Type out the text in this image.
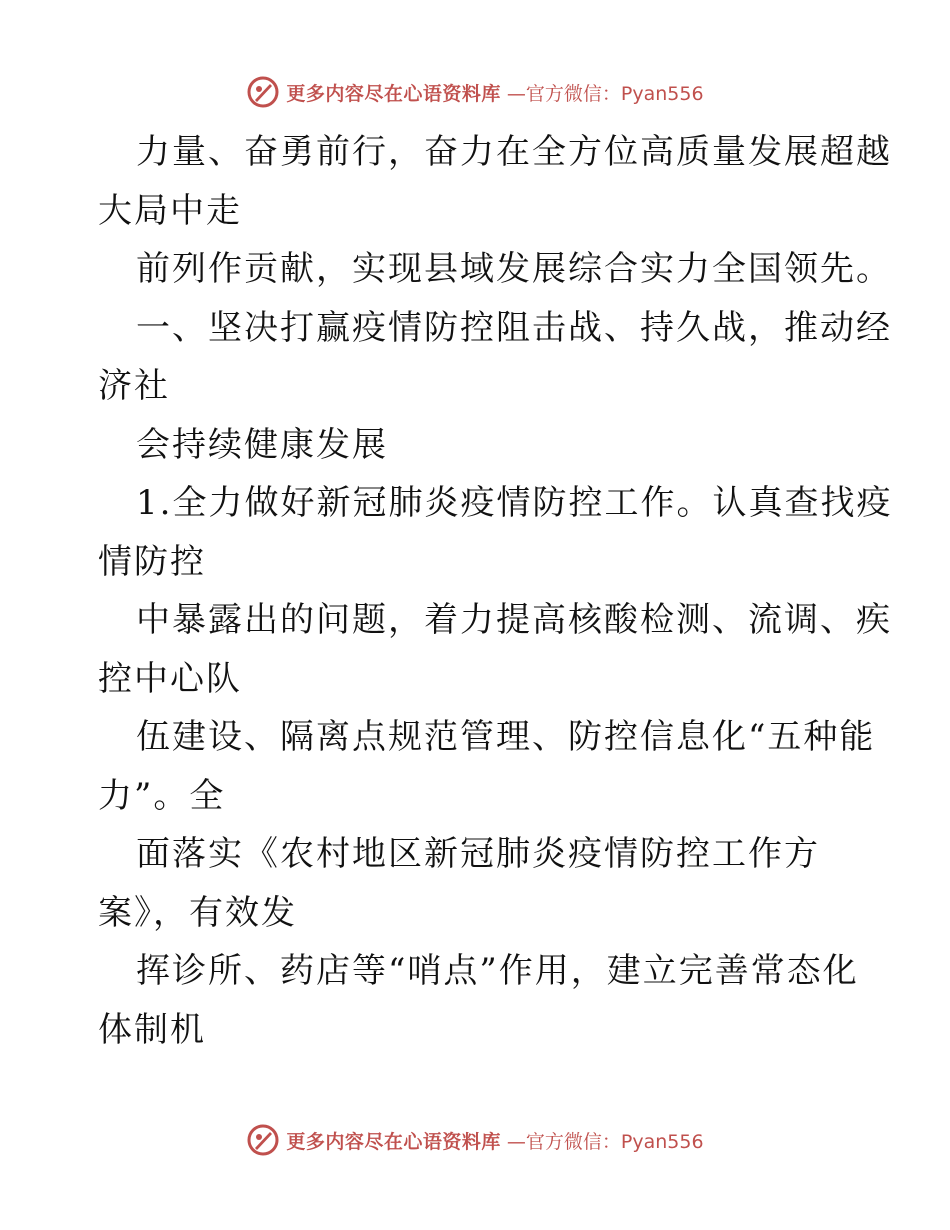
更多内容尽在心语资料库 —官方微信：Pyan556
力量、奋勇前行，奋力在全方位高质量发展超越
大局中走
前列作贡献，实现县域发展综合实力全国领先。
一、坚决打赢疫情防控阻击战、持久战，推动经
济社
会持续健康发展
1.全力做好新冠肺炎疫情防控工作。认真查找疫
情防控
中暴露出的问题，着力提高核酸检测、流调、疾
控中心队
伍建设、隔离点规范管理、防控信息化“五种能
力”。全
面落实《农村地区新冠肺炎疫情防控工作方
案》，有效发
挥诊所、药店等“哨点”作用，建立完善常态化
体制机
更多内容尽在心语资料库 —官方微信：Pyan556
